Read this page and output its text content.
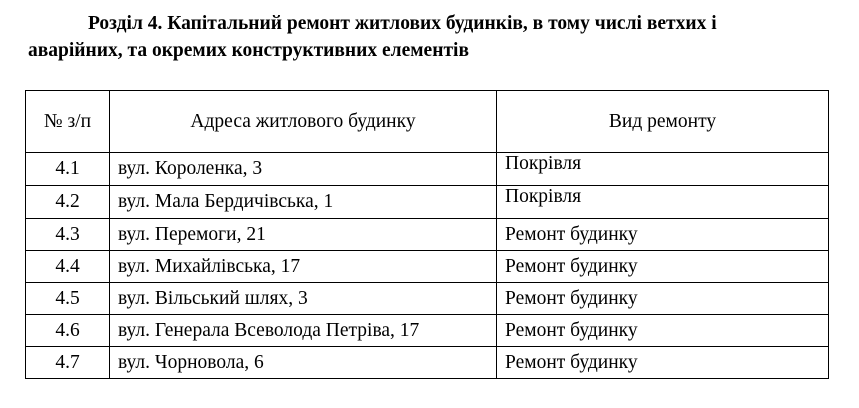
Розділ 4. Капітальний ремонт житлових будинків, в тому числі ветхих і
аварійних, та окремих конструктивних елементів
№ з/п	Адреса житлового будинку	Вид ремонту
4.1	вул. Короленка, 3	Покрівля
4.2	вул. Мала Бердичівська, 1	Покрівля
4.3	вул. Перемоги, 21	Ремонт будинку
4.4	вул. Михайлівська, 17	Ремонт будинку
4.5	вул. Вільський шлях, 3	Ремонт будинку
4.6	вул. Генерала Всеволода Петріва, 17	Ремонт будинку
4.7	вул. Чорновола, 6	Ремонт будинку
